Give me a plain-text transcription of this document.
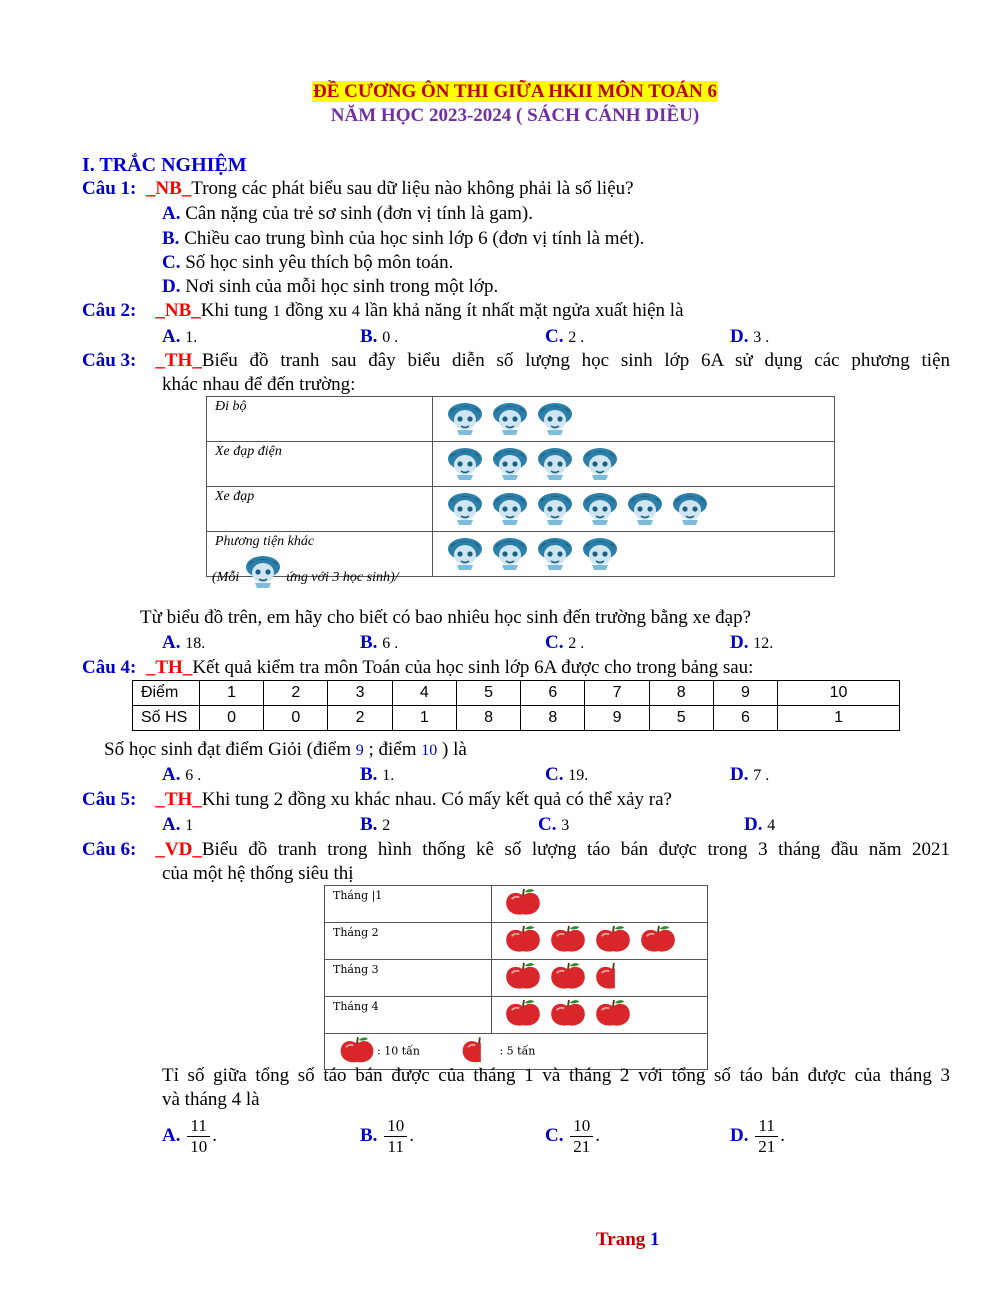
ĐỀ CƯƠNG ÔN THI GIỮA HKII MÔN TOÁN 6
NĂM HỌC 2023-2024 ( SÁCH CÁNH DIỀU)
I. TRẮC NGHIỆM
Câu 1: _NB_Trong các phát biểu sau dữ liệu nào không phải là số liệu?
A. Cân nặng của trẻ sơ sinh (đơn vị tính là gam).
B. Chiều cao trung bình của học sinh lớp 6 (đơn vị tính là mét).
C. Số học sinh yêu thích bộ môn toán.
D. Nơi sinh của mỗi học sinh trong một lớp.
Câu 2: _NB_Khi tung 1 đồng xu 4 lần khả năng ít nhất mặt ngửa xuất hiện là
A. 1.	B. 0 .	C. 2 .	D. 3 .
Câu 3: _TH_ Biểu đồ tranh sau đây biểu diễn số lượng học sinh lớp 6A sử dụng các phương tiện
khác nhau để đến trường:
Đi bộ	
Xe đạp điện	
Xe đạp	
Phương tiện khác	
(Mỗi	ứng với 3 học sinh)/
Từ biểu đồ trên, em hãy cho biết có bao nhiêu học sinh đến trường bằng xe đạp?
A. 18.	B. 6 .	C. 2 .	D. 12.
Câu 4: _TH_Kết quả kiểm tra môn Toán của học sinh lớp 6A được cho trong bảng sau:
Điểm	1	2	3	4	5	6	7	8	9	10
Số HS	0	0	2	1	8	8	9	5	6	1
Số học sinh đạt điểm Giỏi (điểm 9 ; điểm 10 ) là
A. 6 .	B. 1.	C. 19.	D. 7 .
Câu 5: _TH_Khi tung 2 đồng xu khác nhau. Có mấy kết quả có thể xảy ra?
A. 1	B. 2	C. 3	D. 4
Câu 6: _VD_ Biểu đồ tranh trong hình thống kê số lượng táo bán được trong 3 tháng đầu năm 2021
của một hệ thống siêu thị
Tháng |1	
Tháng 2	
Tháng 3	
Tháng 4	
: 10 tấn : 5 tấn	
Tỉ số giữa tổng số táo bán được của tháng 1 và tháng 2 với tổng số táo bán được của tháng 3
và tháng 4 là
A. $\frac{11}{10}$ .	B. $\frac{10}{11}$ .	C. $\frac{10}{21}$ .	D. $\frac{11}{21}$ .
Trang 1
